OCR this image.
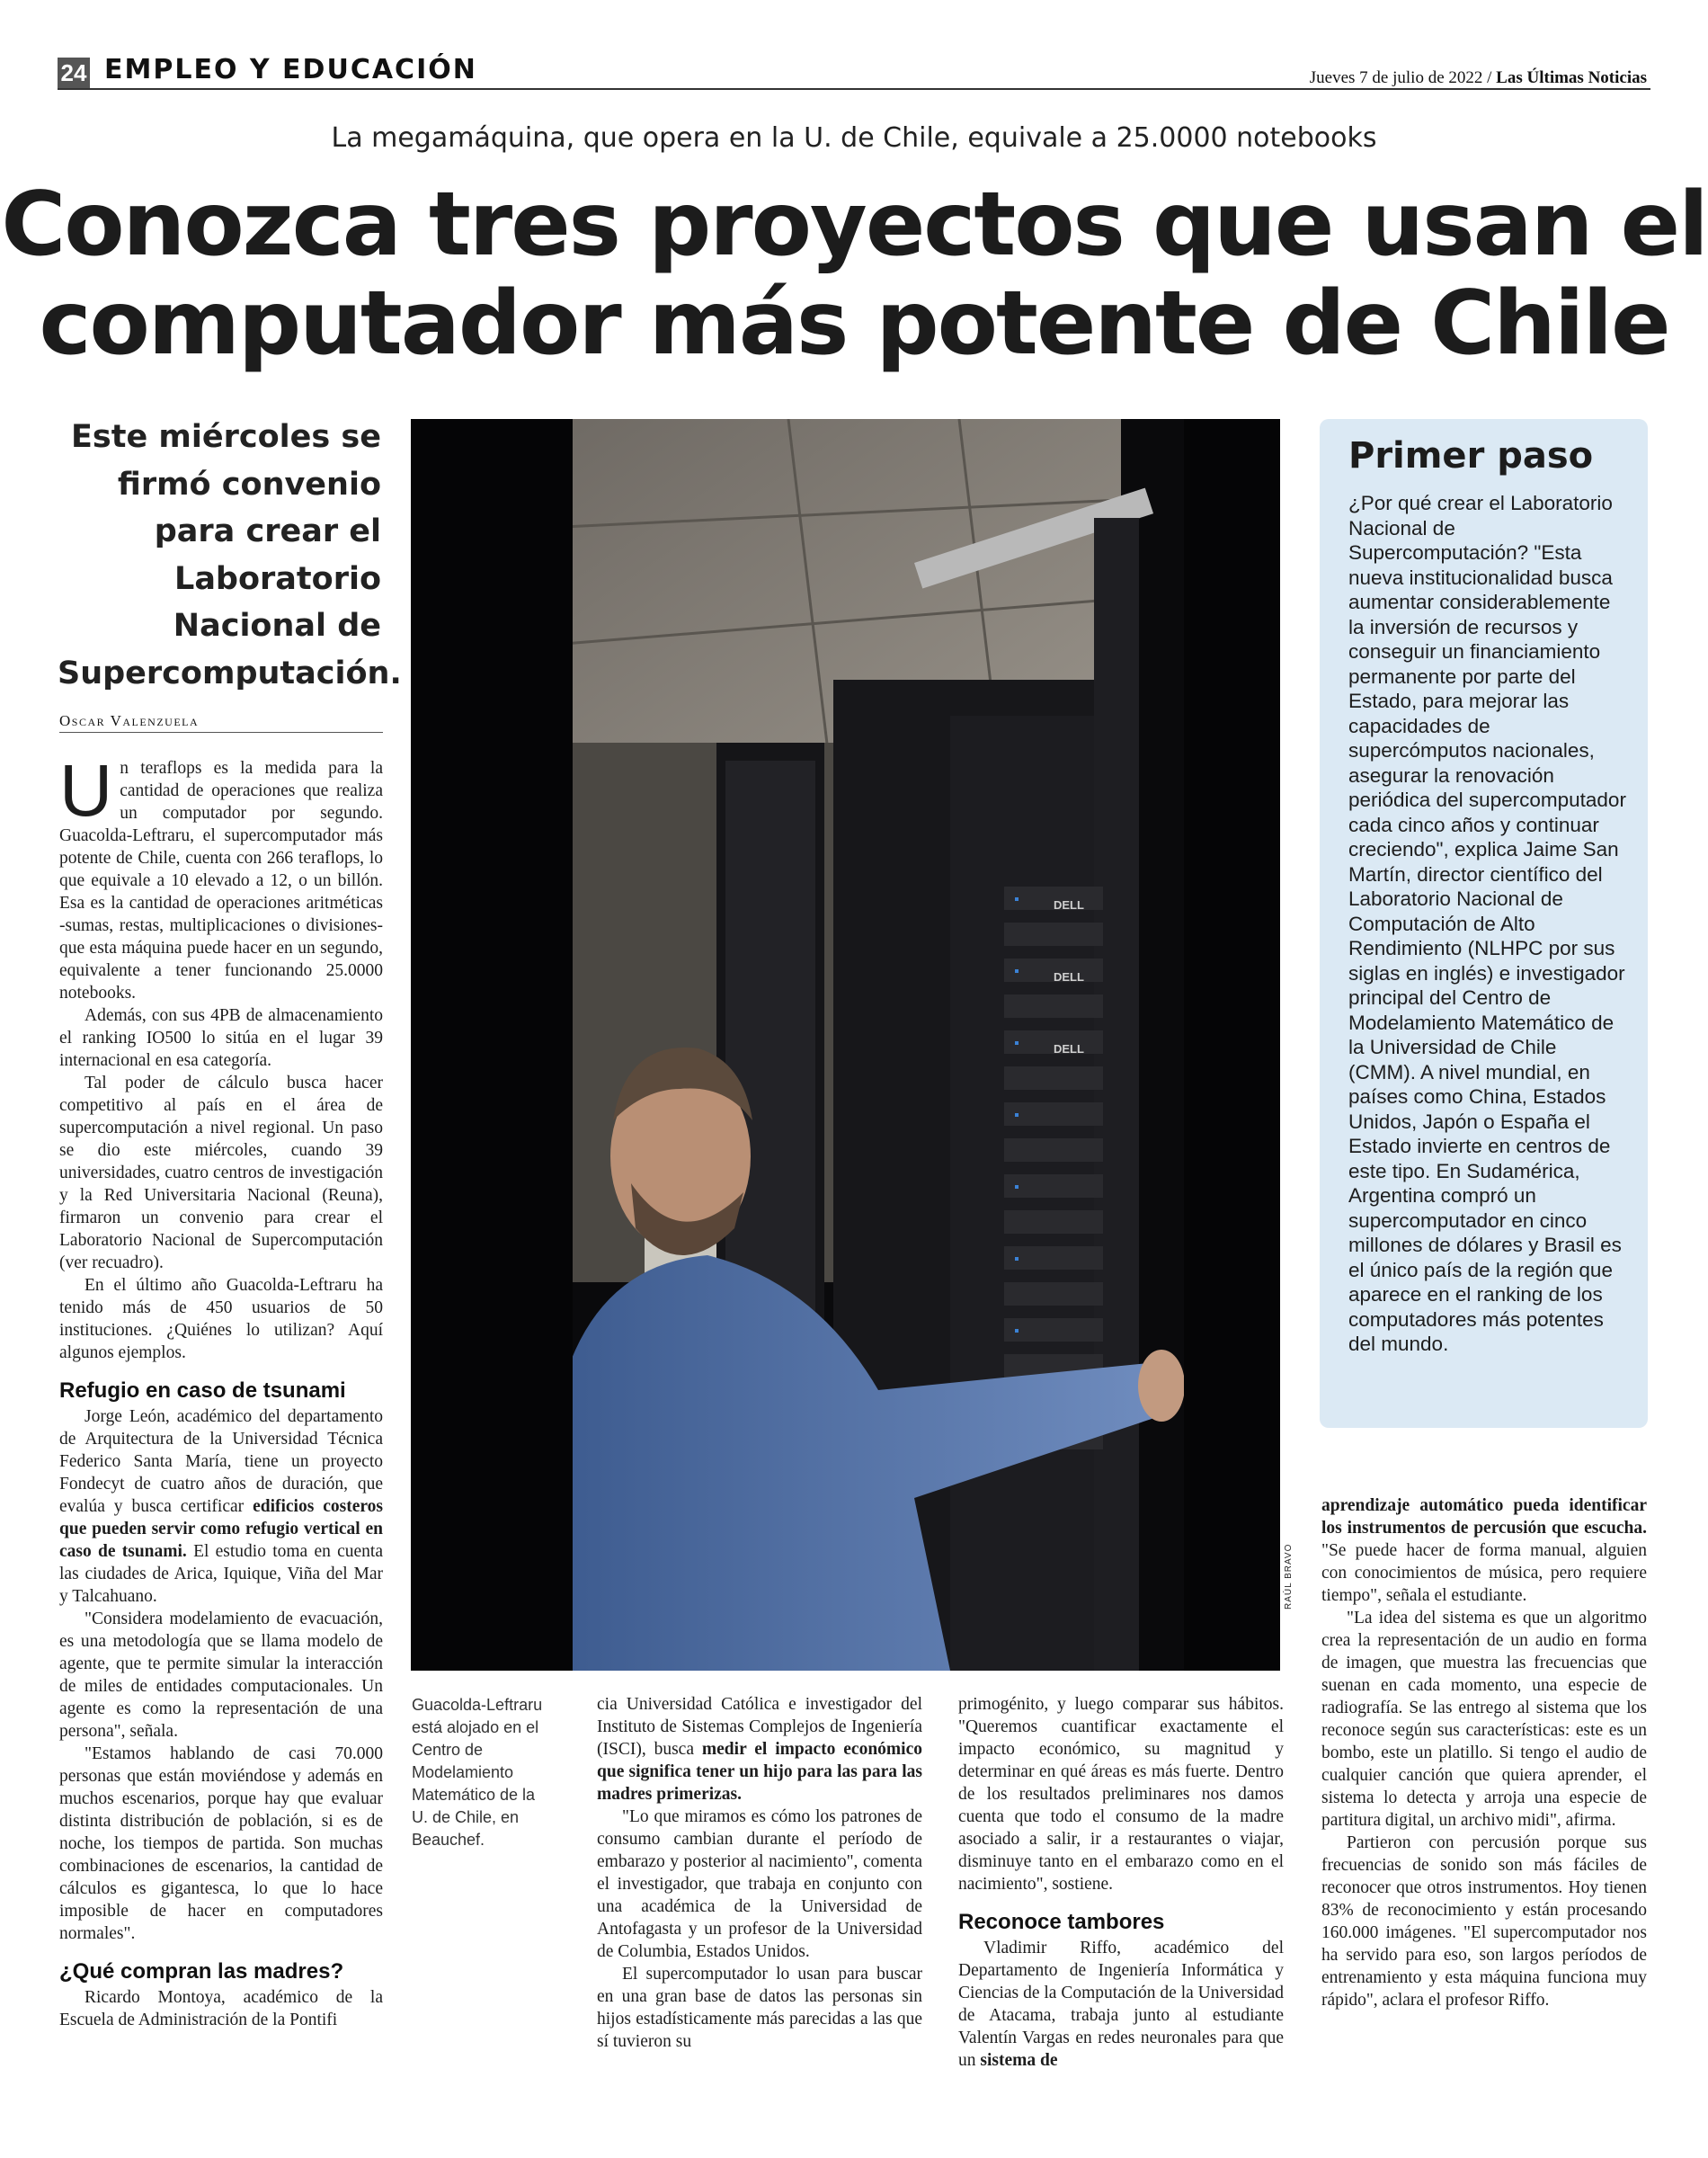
24 EMPLEO Y EDUCACIÓN	Jueves 7 de julio de 2022 / Las Últimas Noticias
La megamáquina, que opera en la U. de Chile, equivale a 25.0000 notebooks
Conozca tres proyectos que usan el
computador más potente de Chile
Este miércoles se firmó convenio para crear el Laboratorio Nacional de Supercomputación.
Oscar Valenzuela

Un teraflops es la medida para la cantidad de operaciones que realiza un computador por segundo. Guacolda-Leftraru, el supercomputador más potente de Chile, cuenta con 266 teraflops, lo que equivale a 10 elevado a 12, o un billón. Esa es la cantidad de operaciones aritméticas -sumas, restas, multiplicaciones o divisiones- que esta máquina puede hacer en un segundo, equivalente a tener funcionando 25.0000 notebooks.

Además, con sus 4PB de almacenamiento el ranking IO500 lo sitúa en el lugar 39 internacional en esa categoría.

Tal poder de cálculo busca hacer competitivo al país en el área de supercomputación a nivel regional. Un paso se dio este miércoles, cuando 39 universidades, cuatro centros de investigación y la Red Universitaria Nacional (Reuna), firmaron un convenio para crear el Laboratorio Nacional de Supercomputación (ver recuadro).

En el último año Guacolda-Leftraru ha tenido más de 450 usuarios de 50 instituciones. ¿Quiénes lo utilizan? Aquí algunos ejemplos.

Refugio en caso de tsunami

Jorge León, académico del departamento de Arquitectura de la Universidad Técnica Federico Santa María, tiene un proyecto Fondecyt de cuatro años de duración, que evalúa y busca certificar edificios costeros que pueden servir como refugio vertical en caso de tsunami. El estudio toma en cuenta las ciudades de Arica, Iquique, Viña del Mar y Talcahuano.

"Considera modelamiento de evacuación, es una metodología que se llama modelo de agente, que te permite simular la interacción de miles de entidades computacionales. Un agente es como la representación de una persona", señala.

"Estamos hablando de casi 70.000 personas que están moviéndose y además en muchos escenarios, porque hay que evaluar distinta distribución de población, si es de noche, los tiempos de partida. Son muchas combinaciones de escenarios, la cantidad de cálculos es gigantesca, lo que lo hace imposible de hacer en computadores normales".

¿Qué compran las madres?

Ricardo Montoya, académico de la Escuela de Administración de la Pontifi

DELL
DELL
DELL
RAÚL BRAVO
Guacolda-Leftraru está alojado en el Centro de Modelamiento Matemático de la U. de Chile, en Beauchef.

cia Universidad Católica e investigador del Instituto de Sistemas Complejos de Ingeniería (ISCI), busca medir el impacto económico que significa tener un hijo para las para las madres primerizas.

"Lo que miramos es cómo los patrones de consumo cambian durante el período de embarazo y posterior al nacimiento", comenta el investigador, que trabaja en conjunto con una académica de la Universidad de Antofagasta y un profesor de la Universidad de Columbia, Estados Unidos.

El supercomputador lo usan para buscar en una gran base de datos las personas sin hijos estadísticamente más parecidas a las que sí tuvieron su

primogénito, y luego comparar sus hábitos. "Queremos cuantificar exactamente el impacto económico, su magnitud y determinar en qué áreas es más fuerte. Dentro de los resultados preliminares nos damos cuenta que todo el consumo de la madre asociado a salir, ir a restaurantes o viajar, disminuye tanto en el embarazo como en el nacimiento", sostiene.

Reconoce tambores

Vladimir Riffo, académico del Departamento de Ingeniería Informática y Ciencias de la Computación de la Universidad de Atacama, trabaja junto al estudiante Valentín Vargas en redes neuronales para que un sistema de

Primer paso

¿Por qué crear el Laboratorio Nacional de Supercomputación? "Esta nueva institucionalidad busca aumentar considerablemente la inversión de recursos y conseguir un financiamiento permanente por parte del Estado, para mejorar las capacidades de supercómputos nacionales, asegurar la renovación periódica del supercomputador cada cinco años y continuar creciendo", explica Jaime San Martín, director científico del Laboratorio Nacional de Computación de Alto Rendimiento (NLHPC por sus siglas en inglés) e investigador principal del Centro de Modelamiento Matemático de la Universidad de Chile (CMM). A nivel mundial, en países como China, Estados Unidos, Japón o España el Estado invierte en centros de este tipo. En Sudamérica, Argentina compró un supercomputador en cinco millones de dólares y Brasil es el único país de la región que aparece en el ranking de los computadores más potentes del mundo.

aprendizaje automático pueda identificar los instrumentos de percusión que escucha. "Se puede hacer de forma manual, alguien con conocimientos de música, pero requiere tiempo", señala el estudiante.

"La idea del sistema es que un algoritmo crea la representación de un audio en forma de imagen, que muestra las frecuencias que suenan en cada momento, una especie de radiografía. Se las entrego al sistema que los reconoce según sus características: este es un bombo, este un platillo. Si tengo el audio de cualquier canción que quiera aprender, el sistema lo detecta y arroja una especie de partitura digital, un archivo midi", afirma.

Partieron con percusión porque sus frecuencias de sonido son más fáciles de reconocer que otros instrumentos. Hoy tienen 83% de reconocimiento y están procesando 160.000 imágenes. "El supercomputador nos ha servido para eso, son largos períodos de entrenamiento y esta máquina funciona muy rápido", aclara el profesor Riffo.
